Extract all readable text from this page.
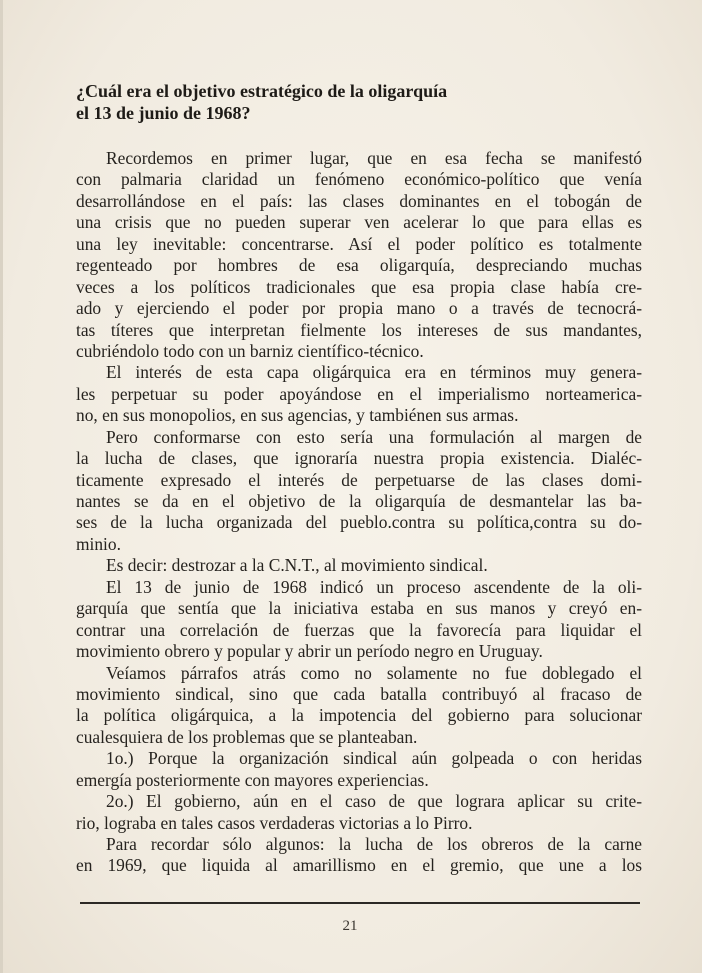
¿Cuál era el objetivo estratégico de la oligarquía
el 13 de junio de 1968?
Recordemos en primer lugar, que en esa fecha se manifestó
con palmaria claridad un fenómeno económico-político que venía
desarrollándose en el país: las clases dominantes en el tobogán de
una crisis que no pueden superar ven acelerar lo que para ellas es
una ley inevitable: concentrarse. Así el poder político es totalmente
regenteado por hombres de esa oligarquía, despreciando muchas
veces a los políticos tradicionales que esa propia clase había cre-
ado y ejerciendo el poder por propia mano o a través de tecnocrá-
tas títeres que interpretan fielmente los intereses de sus mandantes,
cubriéndolo todo con un barniz científico-técnico.
El interés de esta capa oligárquica era en términos muy genera-
les perpetuar su poder apoyándose en el imperialismo norteamerica-
no, en sus monopolios, en sus agencias, y tambiénen sus armas.
Pero conformarse con esto sería una formulación al margen de
la lucha de clases, que ignoraría nuestra propia existencia. Dialéc-
ticamente expresado el interés de perpetuarse de las clases domi-
nantes se da en el objetivo de la oligarquía de desmantelar las ba-
ses de la lucha organizada del pueblo.contra su política,contra su do-
minio.
Es decir: destrozar a la C.N.T., al movimiento sindical.
El 13 de junio de 1968 indicó un proceso ascendente de la oli-
garquía que sentía que la iniciativa estaba en sus manos y creyó en-
contrar una correlación de fuerzas que la favorecía para liquidar el
movimiento obrero y popular y abrir un período negro en Uruguay.
Veíamos párrafos atrás como no solamente no fue doblegado el
movimiento sindical, sino que cada batalla contribuyó al fracaso de
la política oligárquica, a la impotencia del gobierno para solucionar
cualesquiera de los problemas que se planteaban.
1o.) Porque la organización sindical aún golpeada o con heridas
emergía posteriormente con mayores experiencias.
2o.) El gobierno, aún en el caso de que lograra aplicar su crite-
rio, lograba en tales casos verdaderas victorias a lo Pirro.
Para recordar sólo algunos: la lucha de los obreros de la carne
en 1969, que liquida al amarillismo en el gremio, que une a los
21
